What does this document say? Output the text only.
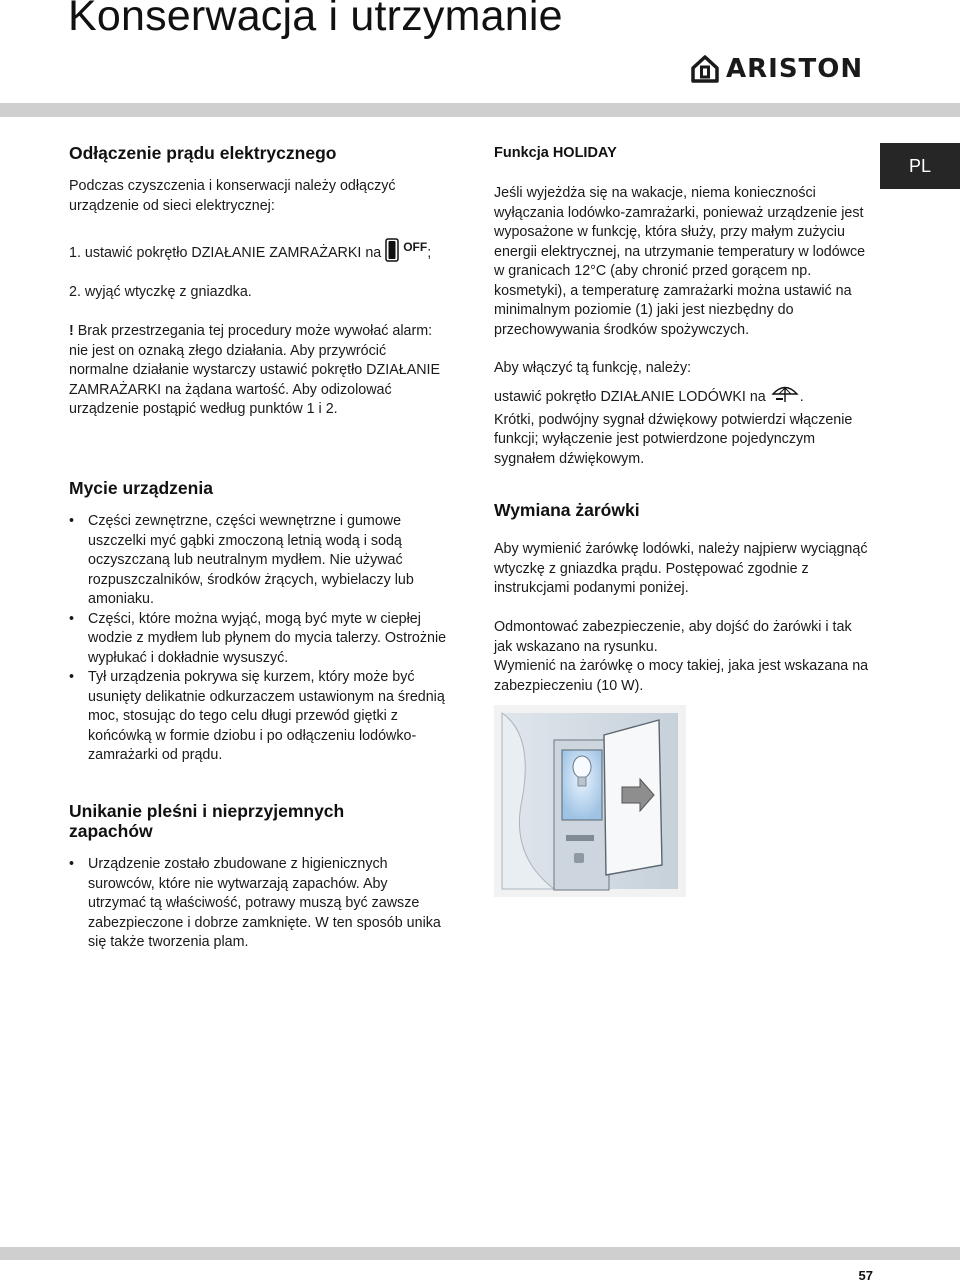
Konserwacja i utrzymanie
ARISTON
PL
Odłączenie prądu elektrycznego

Podczas czyszczenia i konserwacji należy odłączyć urządzenie od sieci elektrycznej:

1. ustawić pokrętło DZIAŁANIE ZAMRAŻARKI na $^{OFF}$;

2. wyjąć wtyczkę z gniazdka.

! Brak przestrzegania tej procedury może wywołać alarm: nie jest on oznaką złego działania. Aby przywrócić normalne działanie wystarczy ustawić pokrętło DZIAŁANIE ZAMRAŻARKI na żądana wartość. Aby odizolować urządzenie postąpić według punktów 1 i 2.

Mycie urządzenia
• Części zewnętrzne, części wewnętrzne i gumowe uszczelki myć gąbki zmoczoną letnią wodą i sodą oczyszczaną lub neutralnym mydłem. Nie używać rozpuszczalników, środków żrących, wybielaczy lub amoniaku.
• Części, które można wyjąć, mogą być myte w ciepłej wodzie z mydłem lub płynem do mycia talerzy. Ostrożnie wypłukać i dokładnie wysuszyć.
• Tył urządzenia pokrywa się kurzem, który może być usunięty delikatnie odkurzaczem ustawionym na średnią moc, stosując do tego celu długi przewód giętki z końcówką w formie dziobu i po odłączeniu lodówko-zamrażarki od prądu.
Unikanie pleśni i nieprzyjemnych zapachów
• Urządzenie zostało zbudowane z higienicznych surowców, które nie wytwarzają zapachów. Aby utrzymać tą właściwość, potrawy muszą być zawsze zabezpieczone i dobrze zamknięte. W ten sposób unika się także tworzenia plam.
Funkcja HOLIDAY

Jeśli wyjeżdża się na wakacje, niema konieczności wyłączania lodówko-zamrażarki, ponieważ urządzenie jest wyposażone w funkcję, która służy, przy małym zużyciu energii elektrycznej, na utrzymanie temperatury w lodówce w granicach 12°C (aby chronić przed gorącem np. kosmetyki), a temperaturę zamrażarki można ustawić na minimalnym poziomie (1) jaki jest niezbędny do przechowywania środków spożywczych.

Aby włączyć tą funkcję, należy:

ustawić pokrętło DZIAŁANIE LODÓWKI na .
Krótki, podwójny sygnał dźwiękowy potwierdzi włączenie funkcji; wyłączenie jest potwierdzone pojedynczym sygnałem dźwiękowym.

Wymiana żarówki

Aby wymienić żarówkę lodówki, należy najpierw wyciągnąć wtyczkę z gniazdka prądu. Postępować zgodnie z instrukcjami podanymi poniżej.

Odmontować zabezpieczenie, aby dojść do żarówki i tak jak wskazano na rysunku.

Wymienić na żarówkę o mocy takiej, jaka jest wskazana na zabezpieczeniu (10 W).

57
